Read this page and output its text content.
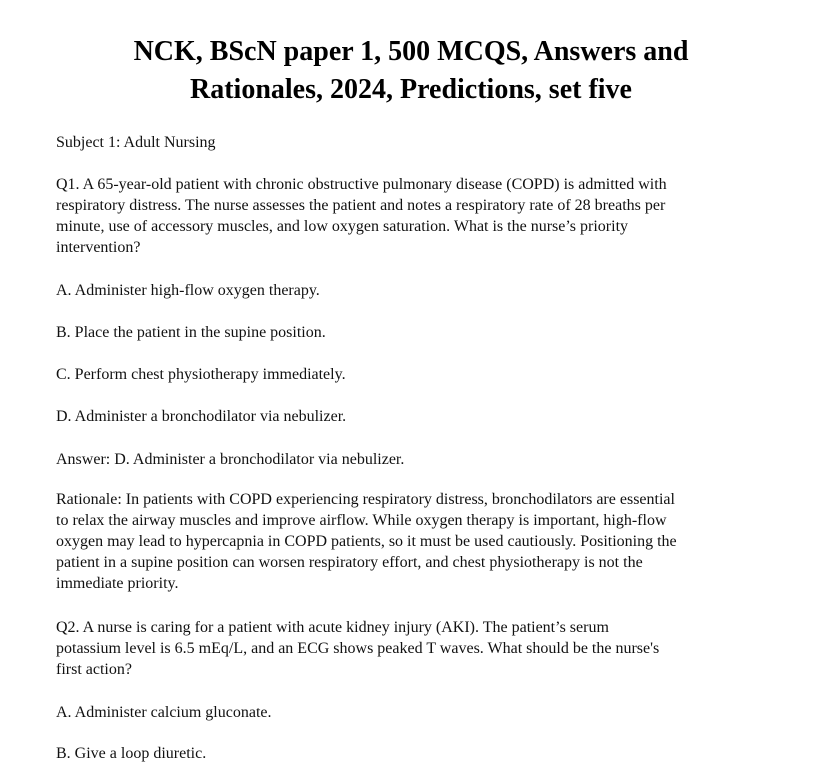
NCK, BScN paper 1, 500 MCQS, Answers and
Rationales, 2024, Predictions, set five

Subject 1: Adult Nursing

Q1. A 65-year-old patient with chronic obstructive pulmonary disease (COPD) is admitted with
respiratory distress. The nurse assesses the patient and notes a respiratory rate of 28 breaths per
minute, use of accessory muscles, and low oxygen saturation. What is the nurse’s priority
intervention?

A. Administer high-flow oxygen therapy.

B. Place the patient in the supine position.

C. Perform chest physiotherapy immediately.

D. Administer a bronchodilator via nebulizer.

Answer: D. Administer a bronchodilator via nebulizer.

Rationale: In patients with COPD experiencing respiratory distress, bronchodilators are essential
to relax the airway muscles and improve airflow. While oxygen therapy is important, high-flow
oxygen may lead to hypercapnia in COPD patients, so it must be used cautiously. Positioning the
patient in a supine position can worsen respiratory effort, and chest physiotherapy is not the
immediate priority.

Q2. A nurse is caring for a patient with acute kidney injury (AKI). The patient’s serum
potassium level is 6.5 mEq/L, and an ECG shows peaked T waves. What should be the nurse's
first action?

A. Administer calcium gluconate.

B. Give a loop diuretic.
